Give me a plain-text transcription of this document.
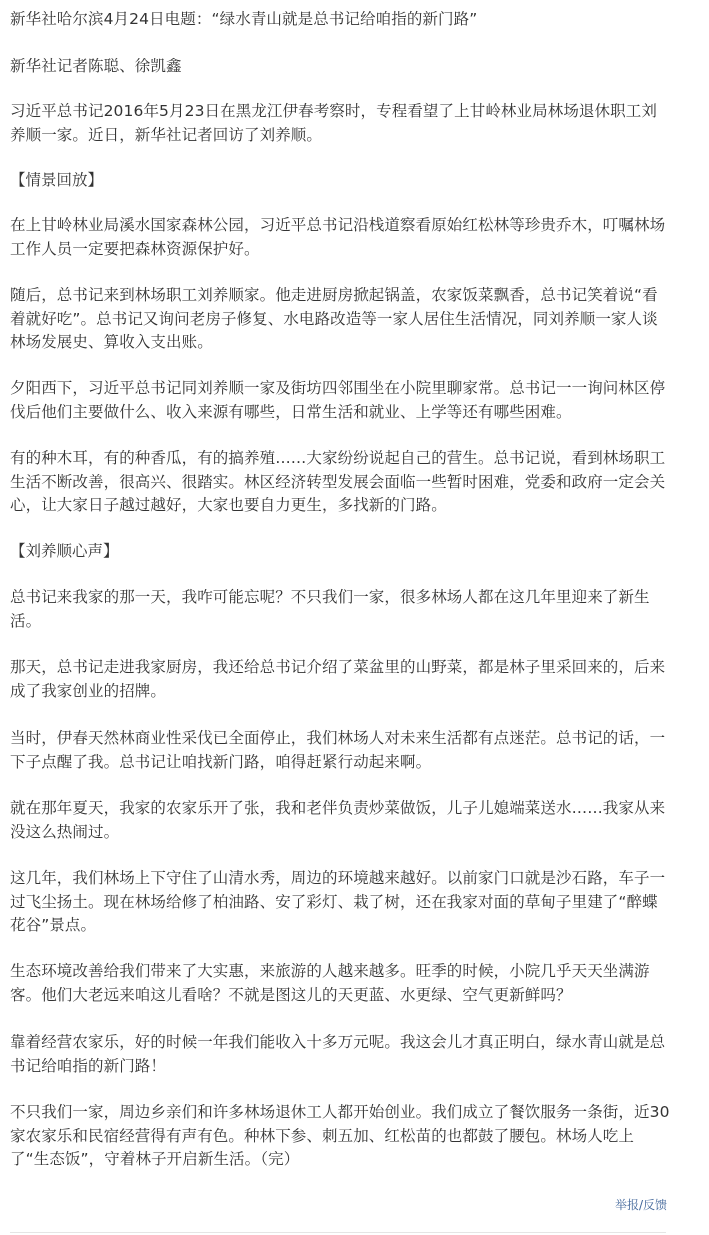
新华社哈尔滨4月24日电题：“绿水青山就是总书记给咱指的新门路”

新华社记者陈聪、徐凯鑫

习近平总书记2016年5月23日在黑龙江伊春考察时，专程看望了上甘岭林业局林场退休职工刘养顺一家。近日，新华社记者回访了刘养顺。

【情景回放】

在上甘岭林业局溪水国家森林公园，习近平总书记沿栈道察看原始红松林等珍贵乔木，叮嘱林场工作人员一定要把森林资源保护好。

随后，总书记来到林场职工刘养顺家。他走进厨房掀起锅盖，农家饭菜飘香，总书记笑着说“看着就好吃”。总书记又询问老房子修复、水电路改造等一家人居住生活情况，同刘养顺一家人谈林场发展史、算收入支出账。

夕阳西下，习近平总书记同刘养顺一家及街坊四邻围坐在小院里聊家常。总书记一一询问林区停伐后他们主要做什么、收入来源有哪些，日常生活和就业、上学等还有哪些困难。

有的种木耳，有的种香瓜，有的搞养殖……大家纷纷说起自己的营生。总书记说，看到林场职工生活不断改善，很高兴、很踏实。林区经济转型发展会面临一些暂时困难，党委和政府一定会关心，让大家日子越过越好，大家也要自力更生，多找新的门路。

【刘养顺心声】

总书记来我家的那一天，我咋可能忘呢？不只我们一家，很多林场人都在这几年里迎来了新生活。

那天，总书记走进我家厨房，我还给总书记介绍了菜盆里的山野菜，都是林子里采回来的，后来成了我家创业的招牌。

当时，伊春天然林商业性采伐已全面停止，我们林场人对未来生活都有点迷茫。总书记的话，一下子点醒了我。总书记让咱找新门路，咱得赶紧行动起来啊。

就在那年夏天，我家的农家乐开了张，我和老伴负责炒菜做饭，儿子儿媳端菜送水……我家从来没这么热闹过。

这几年，我们林场上下守住了山清水秀，周边的环境越来越好。以前家门口就是沙石路，车子一过飞尘扬土。现在林场给修了柏油路、安了彩灯、栽了树，还在我家对面的草甸子里建了“醉蝶花谷”景点。

生态环境改善给我们带来了大实惠，来旅游的人越来越多。旺季的时候，小院几乎天天坐满游客。他们大老远来咱这儿看啥？不就是图这儿的天更蓝、水更绿、空气更新鲜吗？

靠着经营农家乐，好的时候一年我们能收入十多万元呢。我这会儿才真正明白，绿水青山就是总书记给咱指的新门路！

不只我们一家，周边乡亲们和许多林场退休工人都开始创业。我们成立了餐饮服务一条街，近30家农家乐和民宿经营得有声有色。种林下参、刺五加、红松苗的也都鼓了腰包。林场人吃上了“生态饭”，守着林子开启新生活。（完）

举报/反馈
